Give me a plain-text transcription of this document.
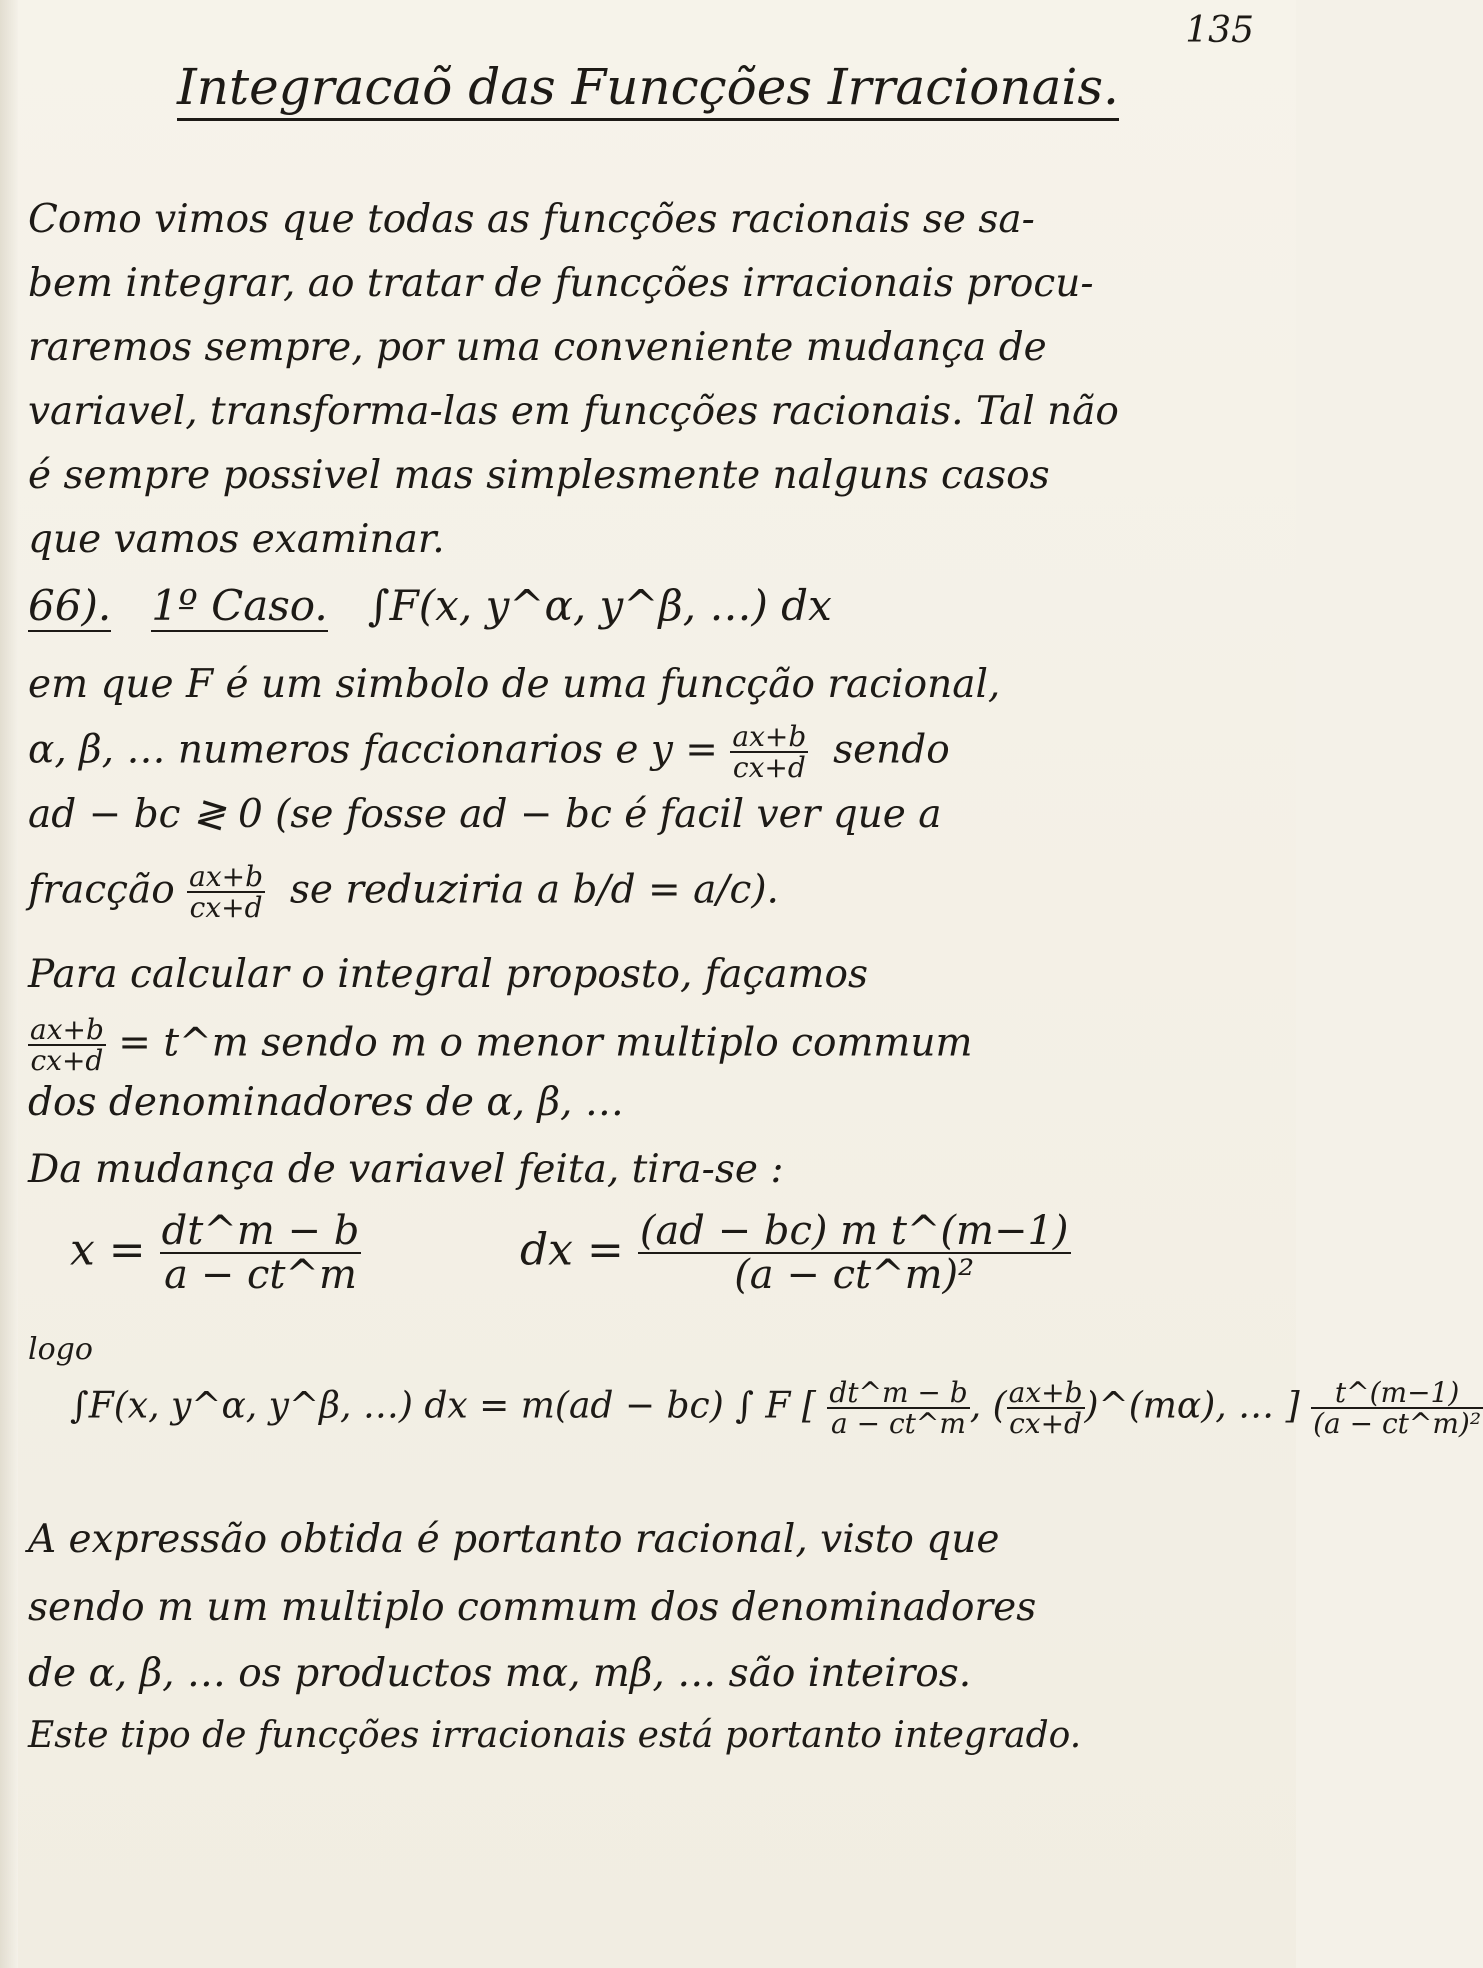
135
Integracaõ das Funcções Irracionais.
Como vimos que todas as funcções racionais se sa-
bem integrar, ao tratar de funcções irracionais procu-
raremos sempre, por uma conveniente mudança de
variavel, transforma-las em funcções racionais. Tal não
é sempre possivel mas simplesmente nalguns casos
que vamos examinar.
66). 1º Caso. ∫F(x, y^α, y^β, …) dx
em que F é um simbolo de uma funcção racional,
α, β, … numeros faccionarios e $y = \frac{ax+b}{cx+d}$ sendo
ad − bc ≷ 0 (se fosse ad − bc é facil ver que a
fracção $\frac{ax+b}{cx+d}$ se reduziria a b/d = a/c).
Para calcular o integral proposto, façamos
$\frac{ax+b}{cx+d}$ = t^m sendo m o menor multiplo commum
dos denominadores de α, β, …
Da mudança de variavel feita, tira-se :
$x = \frac{dt\^{}m - b}{a - ct\^{}m}$	dx = $\frac{\text{(ad − bc) m t\textasciicircum{}(m−1)}}{\text{(a − ct\textasciicircum{}m)²}}$
logo
∫F(x, y^α, y^β, …) dx = m(ad − bc) ∫ F [ $\frac{dt\^{}m - b}{a - ct\^{}m}$ , ( $\frac{ax+b}{cx+d}$ )^(mα), … ] $\frac{t\^{}(m-1)}{\text{(a − ct\textasciicircum{}m)²}}$
A expressão obtida é portanto racional, visto que
sendo m um multiplo commum dos denominadores
de α, β, … os productos mα, mβ, … são inteiros.
Este tipo de funcções irracionais está portanto integrado.
